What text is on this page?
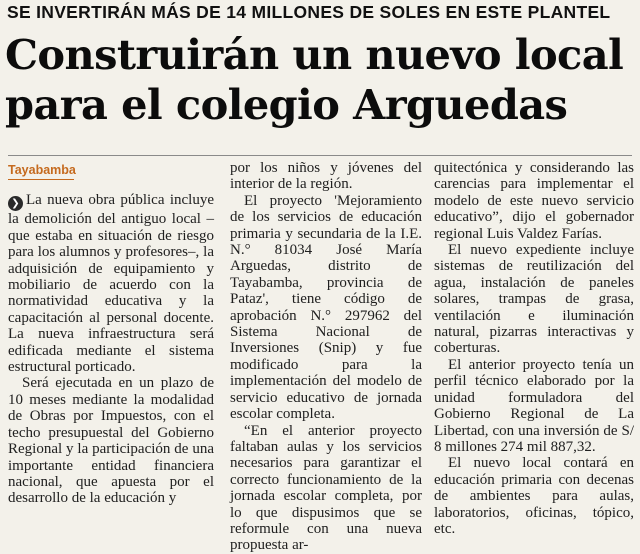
SE INVERTIRÁN MÁS DE 14 MILLONES DE SOLES EN ESTE PLANTEL
Construirán un nuevo local
para el colegio Arguedas
Tayabamba

❯ La nueva obra pública incluye la demolición del antiguo local –que estaba en situación de riesgo para los alumnos y profesores–, la adquisición de equipamiento y mobiliario de acuerdo con la normatividad educativa y la capacitación al personal docente. La nueva infraestructura será edificada mediante el sistema estructural porticado.

Será ejecutada en un plazo de 10 meses mediante la modalidad de Obras por Impuestos, con el techo presupuestal del Gobierno Regional y la participación de una importante entidad financiera nacional, que apuesta por el desarrollo de la educación y

por los niños y jóvenes del interior de la región.

El proyecto 'Mejoramiento de los servicios de educación primaria y secundaria de la I.E. N.° 81034 José María Arguedas, distrito de Tayabamba, provincia de Pataz', tiene código de aprobación N.° 297962 del Sistema Nacional de Inversiones (Snip) y fue modificado para la implementación del modelo de servicio educativo de jornada escolar completa.

“En el anterior proyecto faltaban aulas y los servicios necesarios para garantizar el correcto funcionamiento de la jornada escolar completa, por lo que dispusimos que se reformule con una nueva propuesta ar-

quitectónica y considerando las carencias para implementar el modelo de este nuevo servicio educativo”, dijo el gobernador regional Luis Valdez Farías.

El nuevo expediente incluye sistemas de reutilización del agua, instalación de paneles solares, trampas de grasa, ventilación e iluminación natural, pizarras interactivas y coberturas.

El anterior proyecto tenía un perfil técnico elaborado por la unidad formuladora del Gobierno Regional de La Libertad, con una inversión de S/ 8 millones 274 mil 887,32.

El nuevo local contará en educación primaria con decenas de ambientes para aulas, laboratorios, oficinas, tópico, etc.
